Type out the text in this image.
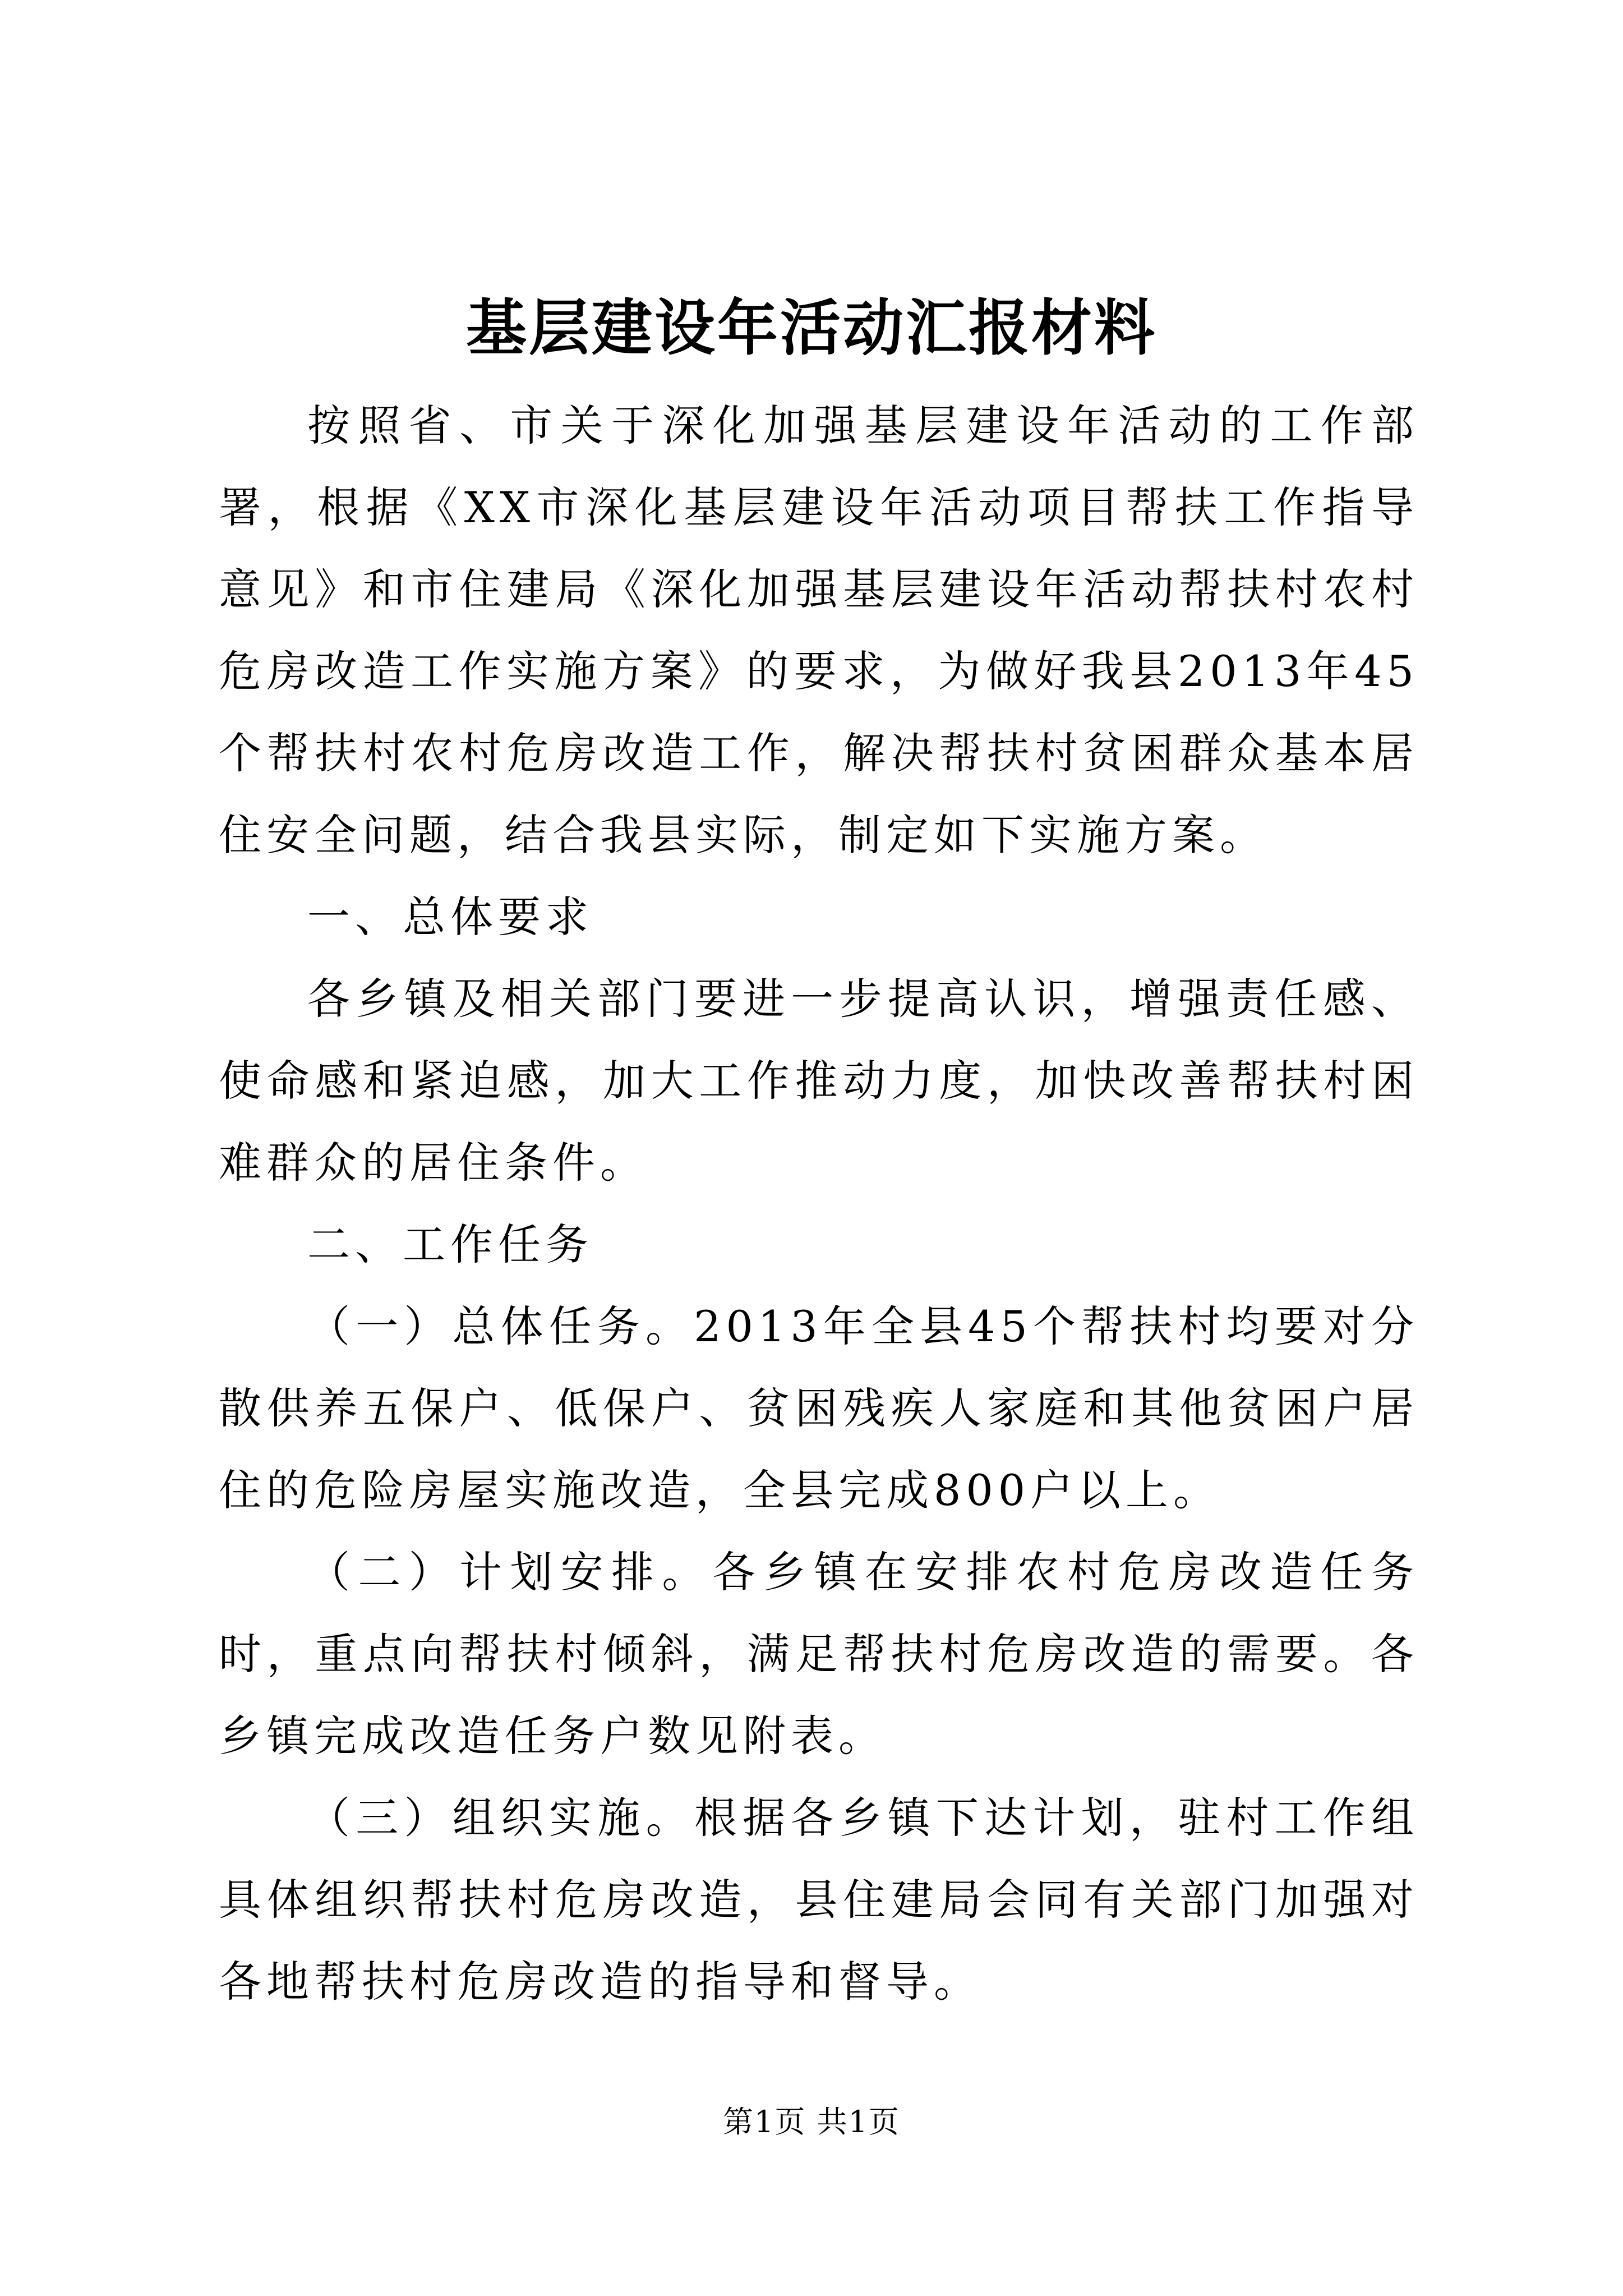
基层建设年活动汇报材料

按照省、市关于深化加强基层建设年活动的工作部署，根据《XX市深化基层建设年活动项目帮扶工作指导意见》和市住建局《深化加强基层建设年活动帮扶村农村危房改造工作实施方案》的要求，为做好我县2013年45个帮扶村农村危房改造工作，解决帮扶村贫困群众基本居住安全问题，结合我县实际，制定如下实施方案。

一、总体要求

各乡镇及相关部门要进一步提高认识，增强责任感、使命感和紧迫感，加大工作推动力度，加快改善帮扶村困难群众的居住条件。

二、工作任务

（一）总体任务。2013年全县45个帮扶村均要对分散供养五保户、低保户、贫困残疾人家庭和其他贫困户居住的危险房屋实施改造，全县完成800户以上。

（二）计划安排。各乡镇在安排农村危房改造任务时，重点向帮扶村倾斜，满足帮扶村危房改造的需要。各乡镇完成改造任务户数见附表。

（三）组织实施。根据各乡镇下达计划，驻村工作组具体组织帮扶村危房改造，县住建局会同有关部门加强对各地帮扶村危房改造的指导和督导。

第1页 共1页
